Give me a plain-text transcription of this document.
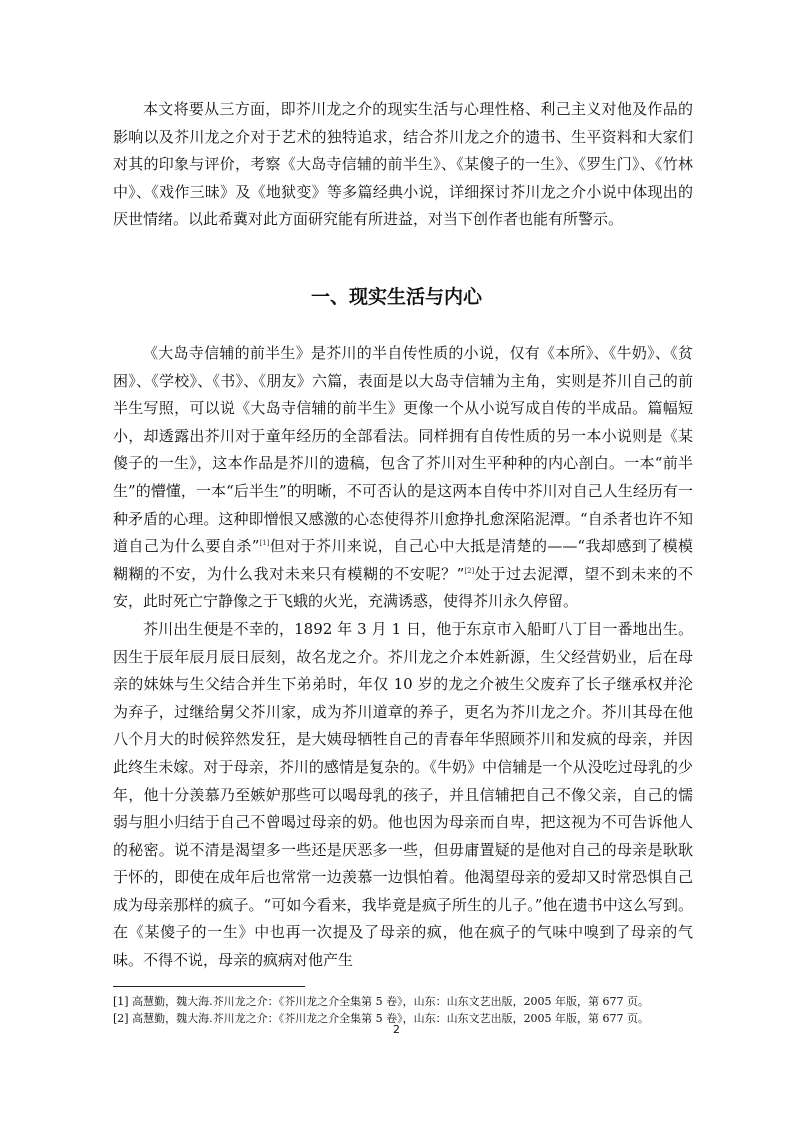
本文将要从三方面，即芥川龙之介的现实生活与心理性格、利己主义对他及作品的影响以及芥川龙之介对于艺术的独特追求，结合芥川龙之介的遗书、生平资料和大家们对其的印象与评价，考察《大岛寺信辅的前半生》、《某傻子的一生》、《罗生门》、《竹林中》、《戏作三昧》及《地狱变》等多篇经典小说，详细探讨芥川龙之介小说中体现出的厌世情绪。以此希冀对此方面研究能有所进益，对当下创作者也能有所警示。

一、现实生活与内心

《大岛寺信辅的前半生》是芥川的半自传性质的小说，仅有《本所》、《牛奶》、《贫困》、《学校》、《书》、《朋友》六篇，表面是以大岛寺信辅为主角，实则是芥川自己的前半生写照，可以说《大岛寺信辅的前半生》更像一个从小说写成自传的半成品。篇幅短小，却透露出芥川对于童年经历的全部看法。同样拥有自传性质的另一本小说则是《某傻子的一生》，这本作品是芥川的遗稿，包含了芥川对生平种种的内心剖白。一本“前半生”的懵懂，一本“后半生”的明晰，不可否认的是这两本自传中芥川对自己人生经历有一种矛盾的心理。这种即憎恨又感激的心态使得芥川愈挣扎愈深陷泥潭。“自杀者也许不知道自己为什么要自杀”[1]但对于芥川来说，自己心中大抵是清楚的——“我却感到了模模糊糊的不安，为什么我对未来只有模糊的不安呢？”[2]处于过去泥潭，望不到未来的不安，此时死亡宁静像之于飞蛾的火光，充满诱惑，使得芥川永久停留。

芥川出生便是不幸的，1892 年 3 月 1 日，他于东京市入船町八丁目一番地出生。因生于辰年辰月辰日辰刻，故名龙之介。芥川龙之介本姓新源，生父经营奶业，后在母亲的妹妹与生父结合并生下弟弟时，年仅 10 岁的龙之介被生父废弃了长子继承权并沦为弃子，过继给舅父芥川家，成为芥川道章的养子，更名为芥川龙之介。芥川其母在他八个月大的时候猝然发狂，是大姨母牺牲自己的青春年华照顾芥川和发疯的母亲，并因此终生未嫁。对于母亲，芥川的感情是复杂的。《牛奶》中信辅是一个从没吃过母乳的少年，他十分羡慕乃至嫉妒那些可以喝母乳的孩子，并且信辅把自己不像父亲，自己的懦弱与胆小归结于自己不曾喝过母亲的奶。他也因为母亲而自卑，把这视为不可告诉他人的秘密。说不清是渴望多一些还是厌恶多一些，但毋庸置疑的是他对自己的母亲是耿耿于怀的，即使在成年后也常常一边羡慕一边惧怕着。他渴望母亲的爱却又时常恐惧自己成为母亲那样的疯子。“可如今看来，我毕竟是疯子所生的儿子。”他在遗书中这么写到。在《某傻子的一生》中也再一次提及了母亲的疯，他在疯子的气味中嗅到了母亲的气味。不得不说，母亲的疯病对他产生

[1] 高慧勤，魏大海.芥川龙之介：《芥川龙之介全集第 5 卷》，山东：山东文艺出版，2005 年版，第 677 页。
[2] 高慧勤，魏大海.芥川龙之介：《芥川龙之介全集第 5 卷》，山东：山东文艺出版，2005 年版，第 677 页。
2
